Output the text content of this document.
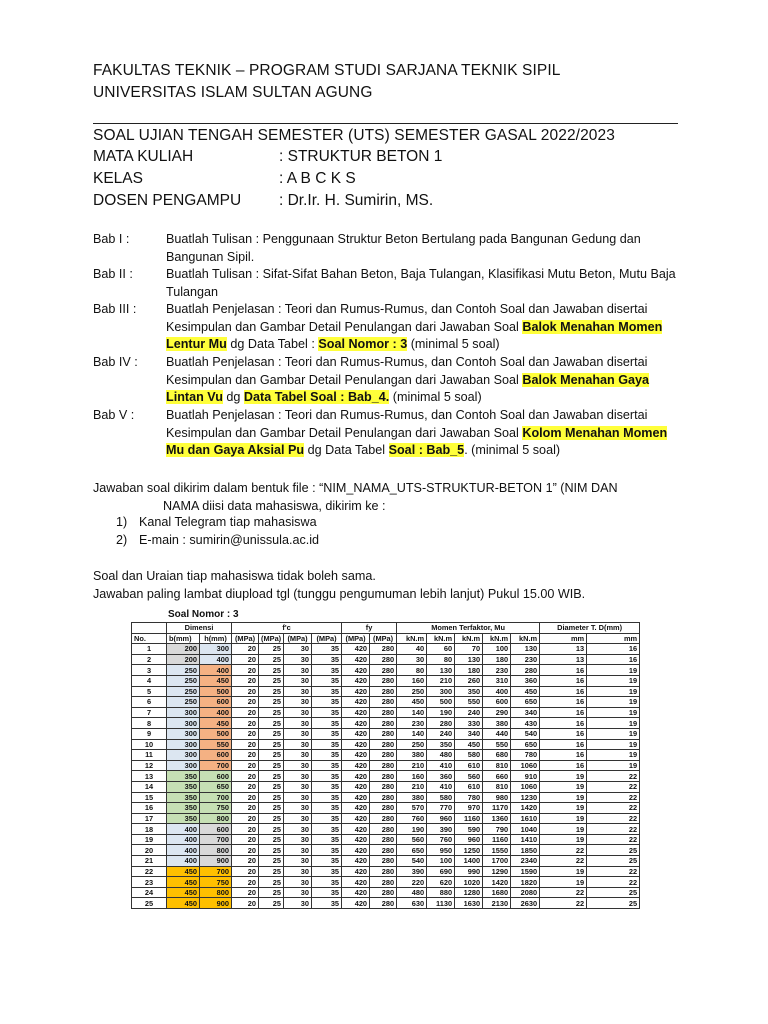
FAKULTAS TEKNIK – PROGRAM STUDI SARJANA TEKNIK SIPIL
UNIVERSITAS ISLAM SULTAN AGUNG
SOAL UJIAN TENGAH SEMESTER (UTS) SEMESTER GASAL 2022/2023
MATA KULIAH	: STRUKTUR BETON 1
KELAS	: A B C K S
DOSEN PENGAMPU : Dr.Ir. H. Sumirin, MS.
Bab I :	Buatlah Tulisan : Penggunaan Struktur Beton Bertulang pada Bangunan Gedung dan Bangunan Sipil.
Bab II :	Buatlah Tulisan : Sifat-Sifat Bahan Beton, Baja Tulangan, Klasifikasi Mutu Beton, Mutu Baja Tulangan
Bab III : Buatlah Penjelasan : Teori dan Rumus-Rumus, dan Contoh Soal dan Jawaban disertai Kesimpulan dan Gambar Detail Penulangan dari Jawaban Soal Balok Menahan Momen Lentur Mu dg Data Tabel : Soal Nomor : 3 (minimal 5 soal)
Bab IV : Buatlah Penjelasan : Teori dan Rumus-Rumus, dan Contoh Soal dan Jawaban disertai Kesimpulan dan Gambar Detail Penulangan dari Jawaban Soal Balok Menahan Gaya Lintan Vu dg Data Tabel Soal : Bab_4. (minimal 5 soal)
Bab V :	Buatlah Penjelasan : Teori dan Rumus-Rumus, dan Contoh Soal dan Jawaban disertai Kesimpulan dan Gambar Detail Penulangan dari Jawaban Soal Kolom Menahan Momen Mu dan Gaya Aksial Pu dg Data Tabel Soal : Bab_5. (minimal 5 soal)
Jawaban soal dikirim dalam bentuk file : “NIM_NAMA_UTS-STRUKTUR-BETON 1” (NIM DAN
NAMA diisi data mahasiswa, dikirim ke :
1) Kanal Telegram tiap mahasiswa
2) E-main : sumirin@unissula.ac.id
Soal dan Uraian tiap mahasiswa tidak boleh sama.
Jawaban paling lambat diupload tgl (tunggu pengumuman lebih lanjut) Pukul 15.00 WIB.
Soal Nomor : 3
	Dimensi		f'c				fy		Momen Terfaktor, Mu					Diameter T. D(mm)	
No.	b(mm)	h(mm)	(MPa)	(MPa)	(MPa)	(MPa)	(MPa)	(MPa)	kN.m	kN.m	kN.m	kN.m	kN.m	mm	mm
1	200	300	20	25	30	35	420	280	40	60	70	100	130	13	16
2	200	400	20	25	30	35	420	280	30	80	130	180	230	13	16
3	250	400	20	25	30	35	420	280	80	130	180	230	280	16	19
4	250	450	20	25	30	35	420	280	160	210	260	310	360	16	19
5	250	500	20	25	30	35	420	280	250	300	350	400	450	16	19
6	250	600	20	25	30	35	420	280	450	500	550	600	650	16	19
7	300	400	20	25	30	35	420	280	140	190	240	290	340	16	19
8	300	450	20	25	30	35	420	280	230	280	330	380	430	16	19
9	300	500	20	25	30	35	420	280	140	240	340	440	540	16	19
10	300	550	20	25	30	35	420	280	250	350	450	550	650	16	19
11	300	600	20	25	30	35	420	280	380	480	580	680	780	16	19
12	300	700	20	25	30	35	420	280	210	410	610	810	1060	16	19
13	350	600	20	25	30	35	420	280	160	360	560	660	910	19	22
14	350	650	20	25	30	35	420	280	210	410	610	810	1060	19	22
15	350	700	20	25	30	35	420	280	380	580	780	980	1230	19	22
16	350	750	20	25	30	35	420	280	570	770	970	1170	1420	19	22
17	350	800	20	25	30	35	420	280	760	960	1160	1360	1610	19	22
18	400	600	20	25	30	35	420	280	190	390	590	790	1040	19	22
19	400	700	20	25	30	35	420	280	560	760	960	1160	1410	19	22
20	400	800	20	25	30	35	420	280	650	950	1250	1550	1850	22	25
21	400	900	20	25	30	35	420	280	540	100	1400	1700	2340	22	25
22	450	700	20	25	30	35	420	280	390	690	990	1290	1590	19	22
23	450	750	20	25	30	35	420	280	220	620	1020	1420	1820	19	22
24	450	800	20	25	30	35	420	280	480	880	1280	1680	2080	22	25
25	450	900	20	25	30	35	420	280	630	1130	1630	2130	2630	22	25
